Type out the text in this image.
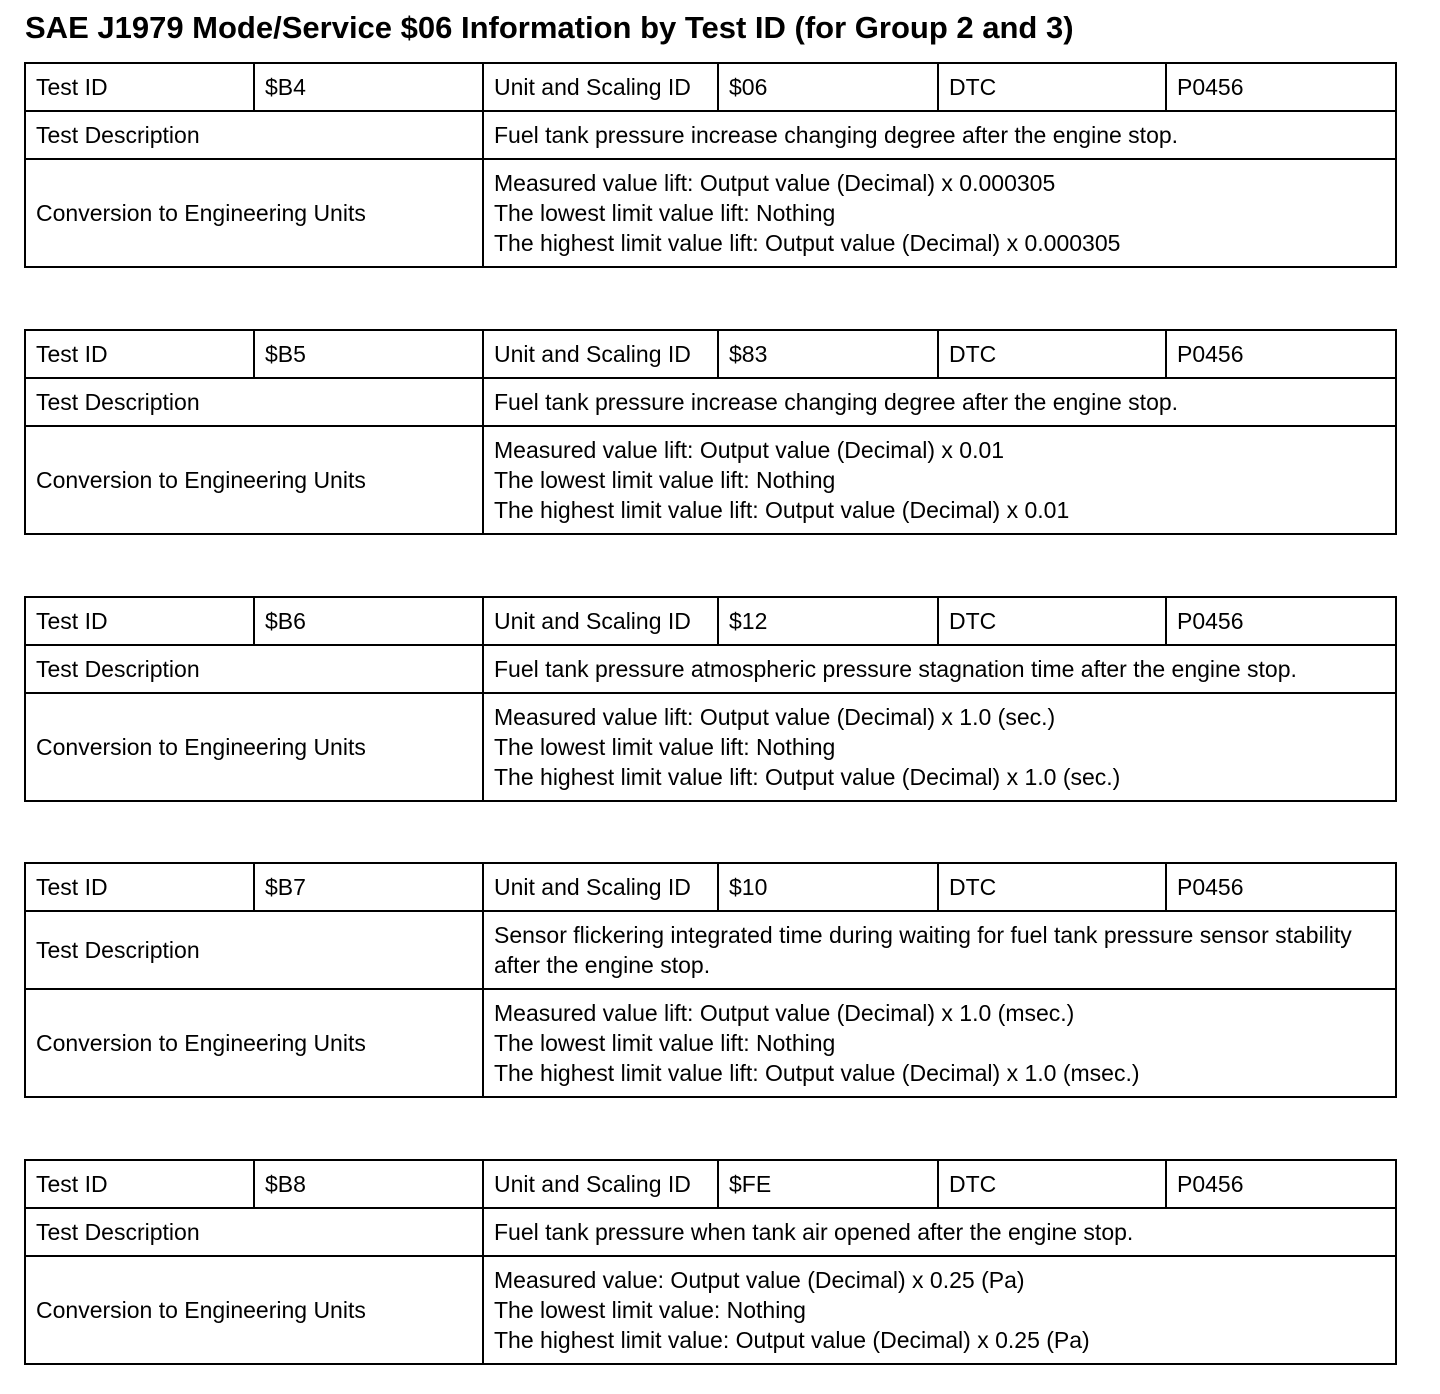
SAE J1979 Mode/Service $06 Information by Test ID (for Group 2 and 3)
Test ID	$B4	Unit and Scaling ID	$06	DTC	P0456
Test Description		Fuel tank pressure increase changing degree after the engine stop.			
Conversion to Engineering Units		Measured value lift: Output value (Decimal) x 0.000305
The lowest limit value lift: Nothing
The highest limit value lift: Output value (Decimal) x 0.000305			
Test ID	$B5	Unit and Scaling ID	$83	DTC	P0456
Test Description		Fuel tank pressure increase changing degree after the engine stop.			
Conversion to Engineering Units		Measured value lift: Output value (Decimal) x 0.01
The lowest limit value lift: Nothing
The highest limit value lift: Output value (Decimal) x 0.01			
Test ID	$B6	Unit and Scaling ID	$12	DTC	P0456
Test Description		Fuel tank pressure atmospheric pressure stagnation time after the engine stop.			
Conversion to Engineering Units		Measured value lift: Output value (Decimal) x 1.0 (sec.)
The lowest limit value lift: Nothing
The highest limit value lift: Output value (Decimal) x 1.0 (sec.)			
Test ID	$B7	Unit and Scaling ID	$10	DTC	P0456
Test Description		Sensor flickering integrated time during waiting for fuel tank pressure sensor stability after the engine stop.			
Conversion to Engineering Units		Measured value lift: Output value (Decimal) x 1.0 (msec.)
The lowest limit value lift: Nothing
The highest limit value lift: Output value (Decimal) x 1.0 (msec.)			
Test ID	$B8	Unit and Scaling ID	$FE	DTC	P0456
Test Description		Fuel tank pressure when tank air opened after the engine stop.			
Conversion to Engineering Units		Measured value: Output value (Decimal) x 0.25 (Pa)
The lowest limit value: Nothing
The highest limit value: Output value (Decimal) x 0.25 (Pa)			
